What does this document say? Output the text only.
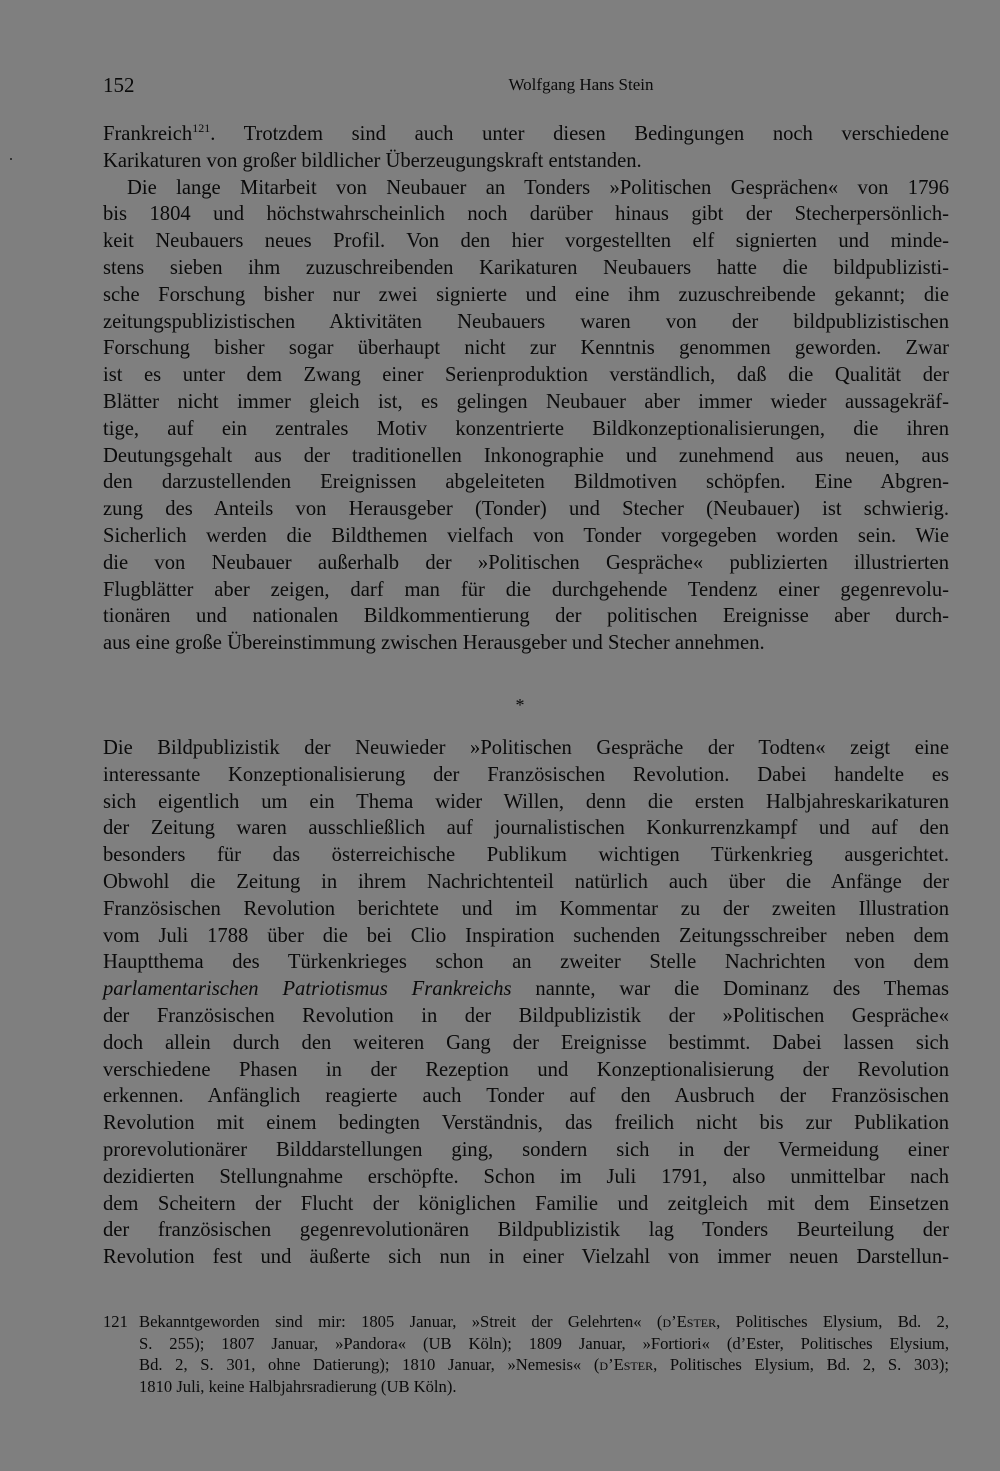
152	Wolfgang Hans Stein
Frankreich$^{121}$. Trotzdem sind auch unter diesen Bedingungen noch verschiedene
Karikaturen von großer bildlicher Überzeugungskraft entstanden.
Die lange Mitarbeit von Neubauer an Tonders »Politischen Gesprächen« von 1796
bis 1804 und höchstwahrscheinlich noch darüber hinaus gibt der Stecherpersönlich-
keit Neubauers neues Profil. Von den hier vorgestellten elf signierten und minde-
stens sieben ihm zuzuschreibenden Karikaturen Neubauers hatte die bildpublizisti-
sche Forschung bisher nur zwei signierte und eine ihm zuzuschreibende gekannt; die
zeitungspublizistischen Aktivitäten Neubauers waren von der bildpublizistischen
Forschung bisher sogar überhaupt nicht zur Kenntnis genommen geworden. Zwar
ist es unter dem Zwang einer Serienproduktion verständlich, daß die Qualität der
Blätter nicht immer gleich ist, es gelingen Neubauer aber immer wieder aussagekräf-
tige, auf ein zentrales Motiv konzentrierte Bildkonzeptionalisierungen, die ihren
Deutungsgehalt aus der traditionellen Inkonographie und zunehmend aus neuen, aus
den darzustellenden Ereignissen abgeleiteten Bildmotiven schöpfen. Eine Abgren-
zung des Anteils von Herausgeber (Tonder) und Stecher (Neubauer) ist schwierig.
Sicherlich werden die Bildthemen vielfach von Tonder vorgegeben worden sein. Wie
die von Neubauer außerhalb der »Politischen Gespräche« publizierten illustrierten
Flugblätter aber zeigen, darf man für die durchgehende Tendenz einer gegenrevolu-
tionären und nationalen Bildkommentierung der politischen Ereignisse aber durch-
aus eine große Übereinstimmung zwischen Herausgeber und Stecher annehmen.
*
Die Bildpublizistik der Neuwieder »Politischen Gespräche der Todten« zeigt eine
interessante Konzeptionalisierung der Französischen Revolution. Dabei handelte es
sich eigentlich um ein Thema wider Willen, denn die ersten Halbjahreskarikaturen
der Zeitung waren ausschließlich auf journalistischen Konkurrenzkampf und auf den
besonders für das österreichische Publikum wichtigen Türkenkrieg ausgerichtet.
Obwohl die Zeitung in ihrem Nachrichtenteil natürlich auch über die Anfänge der
Französischen Revolution berichtete und im Kommentar zu der zweiten Illustration
vom Juli 1788 über die bei Clio Inspiration suchenden Zeitungsschreiber neben dem
Hauptthema des Türkenkrieges schon an zweiter Stelle Nachrichten von dem
parlamentarischen Patriotismus Frankreichs nannte, war die Dominanz des Themas
der Französischen Revolution in der Bildpublizistik der »Politischen Gespräche«
doch allein durch den weiteren Gang der Ereignisse bestimmt. Dabei lassen sich
verschiedene Phasen in der Rezeption und Konzeptionalisierung der Revolution
erkennen. Anfänglich reagierte auch Tonder auf den Ausbruch der Französischen
Revolution mit einem bedingten Verständnis, das freilich nicht bis zur Publikation
prorevolutionärer Bilddarstellungen ging, sondern sich in der Vermeidung einer
dezidierten Stellungnahme erschöpfte. Schon im Juli 1791, also unmittelbar nach
dem Scheitern der Flucht der königlichen Familie und zeitgleich mit dem Einsetzen
der französischen gegenrevolutionären Bildpublizistik lag Tonders Beurteilung der
Revolution fest und äußerte sich nun in einer Vielzahl von immer neuen Darstellun-
121 Bekanntgeworden sind mir: 1805 Januar, »Streit der Gelehrten« (d’Ester, Politisches Elysium, Bd. 2,
S. 255); 1807 Januar, »Pandora« (UB Köln); 1809 Januar, »Fortiori« (d’Ester, Politisches Elysium,
Bd. 2, S. 301, ohne Datierung); 1810 Januar, »Nemesis« (d’Ester, Politisches Elysium, Bd. 2, S. 303);
1810 Juli, keine Halbjahrsradierung (UB Köln).
